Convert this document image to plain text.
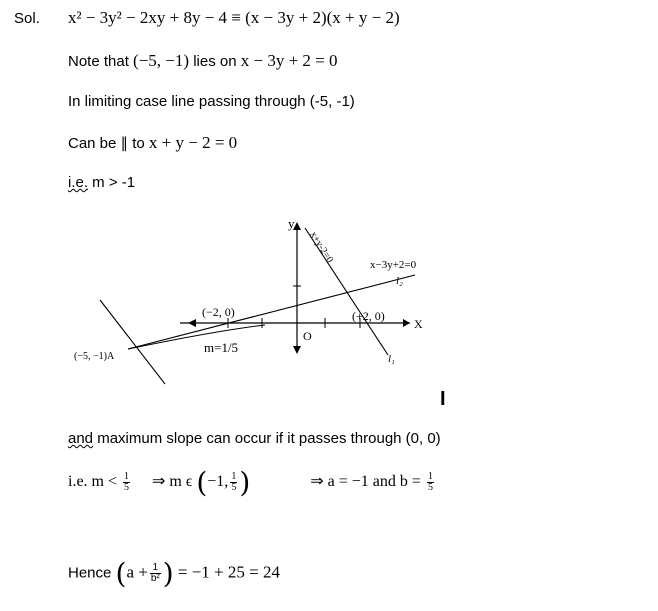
Sol. x² − 3y² − 2xy + 8y − 4 ≡ (x − 3y + 2)(x + y − 2)
Note that (−5, −1) lies on x − 3y + 2 = 0
In limiting case line passing through (-5, -1)
Can be ∥ to x + y − 2 = 0
i.e. m > -1
X
y
O
x+y-2=0
x−3y+2=0
l₂
l₁
(−2, 0)	(+2, 0)
(−5, −1)A
m=1/5
I
and maximum slope can occur if it passes through (0, 0)
i.e. $m < \frac{1}{5}$ ⇒ m ϵ (−1, $\frac{1}{5}$ )	⇒ a = −1 and $b = \frac{1}{5}$
Hence ($a + \frac{1}{\text{b²}}$ ) = −1 + 25 = 24
